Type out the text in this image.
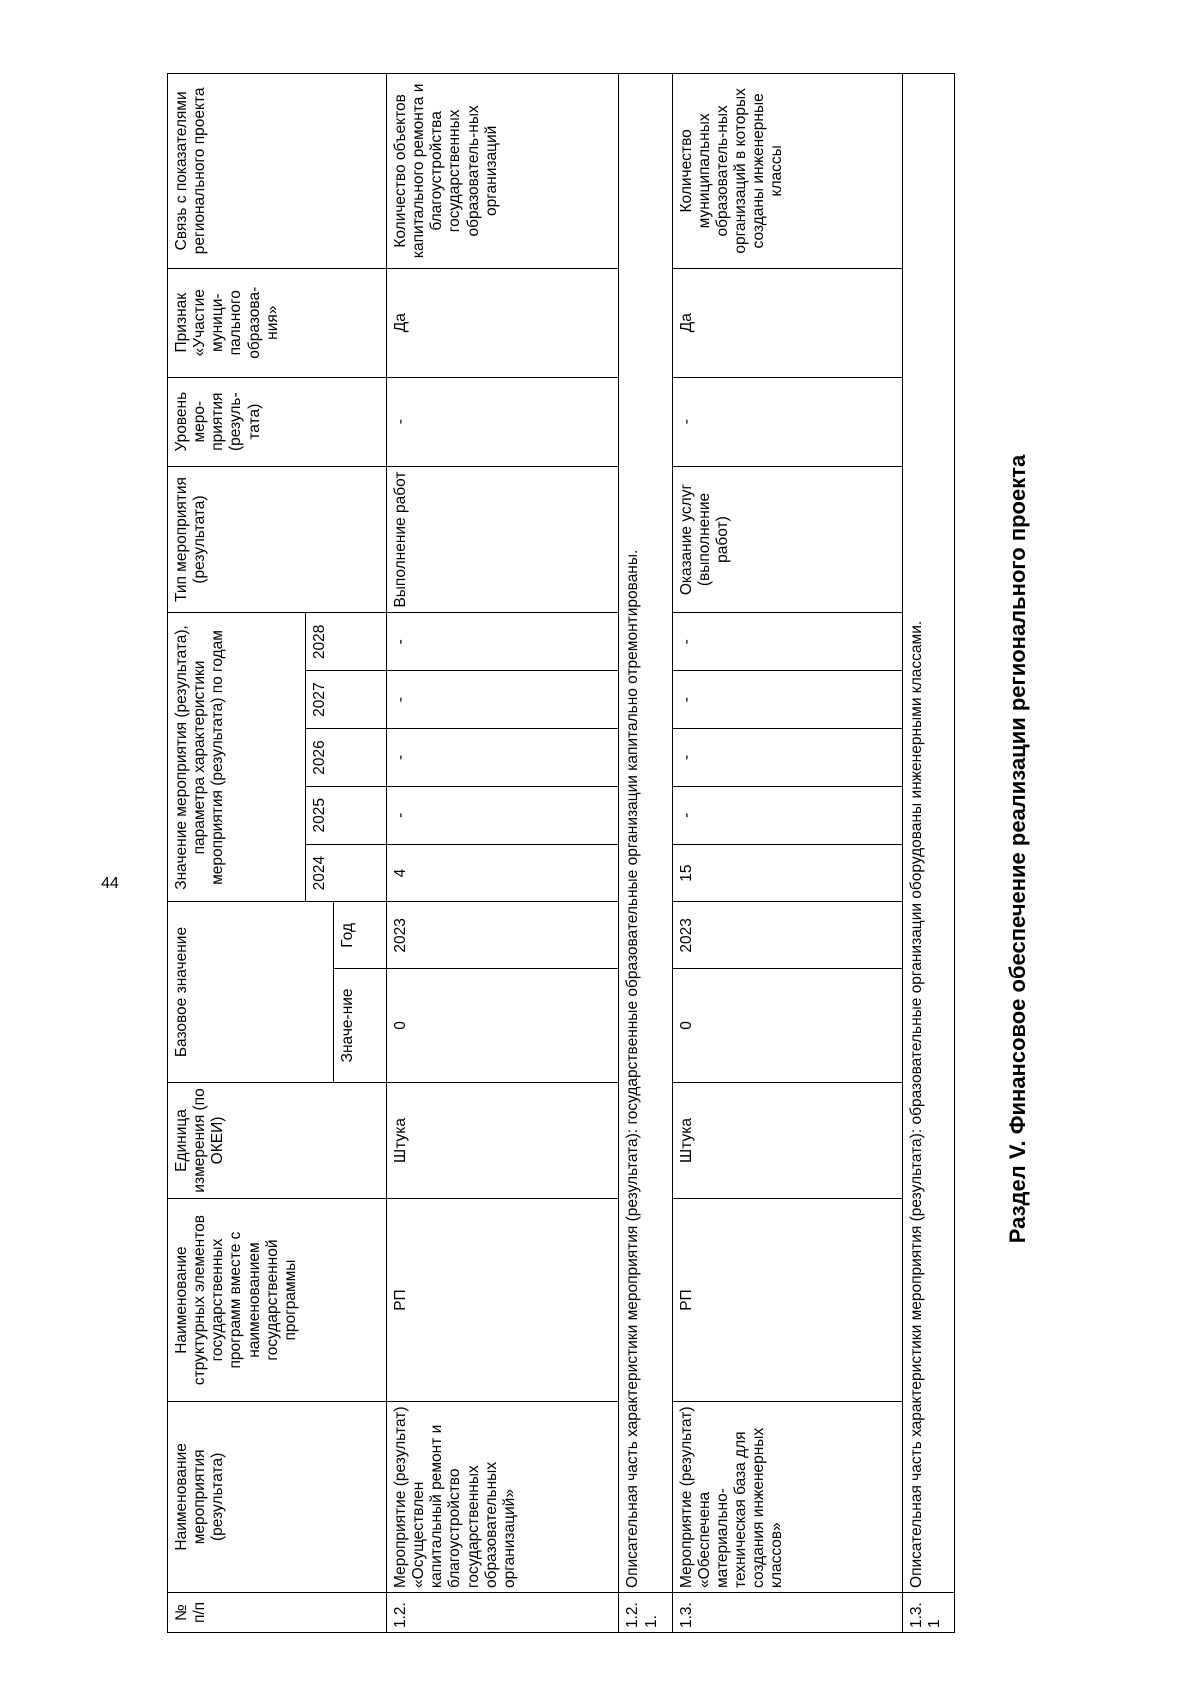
44
№ п/п	Наименование мероприятия (результата)	Наименование структурных элементов государственных программ вместе с наименованием государственной программы	Единица измерения (по ОКЕИ)	Базовое значение		Значение мероприятия (результата), параметра характеристики мероприятия (результата) по годам					Тип мероприятия (результата)	Уровень меро-приятия (резуль-тата)	Признак «Участие муници-пального образова-ния»	Связь с показателями регионального проекта
						2024	2025	2026	2027	2028				
				Значе-ние	Год									
1.2.	Мероприятие (результат) «Осуществлен капитальный ремонт и благоустройство государственных образовательных организаций»	РП	Штука	0	2023	4	-	-	-	-	Выполнение работ	-	Да	Количество объектов капитального ремонта и благоустройства государственных образователь-ных организаций
1.2.1.	Описательная часть характеристики мероприятия (результата): государственные образовательные организации капитально отремонтированы.													
1.3.	Мероприятие (результат) «Обеспечена материально-техническая база для создания инженерных классов»	РП	Штука	0	2023	15	-	-	-	-	Оказание услуг (выполнение работ)	-	Да	Количество муниципальных образователь-ных организаций в которых созданы инженерные классы
1.3.1	Описательная часть характеристики мероприятия (результата): образовательные организации оборудованы инженерными классами.														Раздел V. Финансовое обеспечение реализации регионального проекта
